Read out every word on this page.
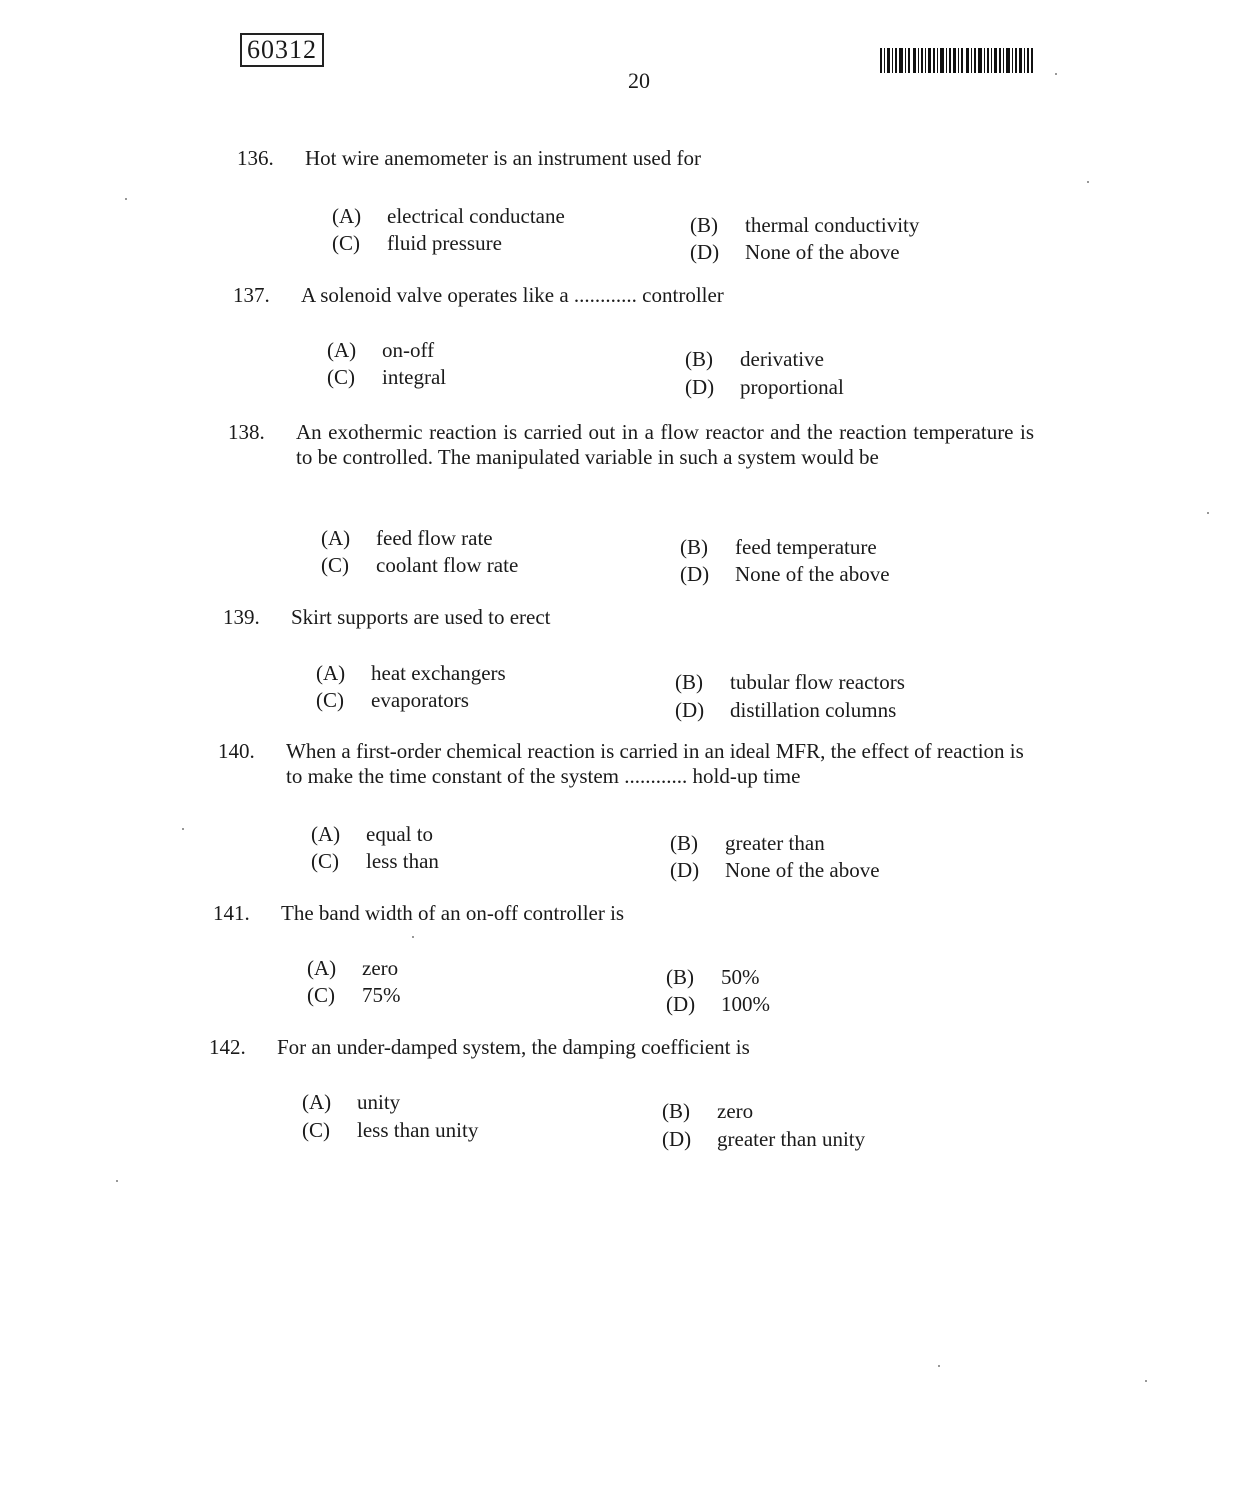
60312
20
136. Hot wire anemometer is an instrument used for
(A) electrical conductane	(B) thermal conductivity
(C) fluid pressure	(D) None of the above
137. A solenoid valve operates like a ............ controller
(A) on-off	(B) derivative
(C) integral	(D) proportional
138. An exothermic reaction is carried out in a flow reactor and the reaction temperature is to be controlled. The manipulated variable in such a system would be
(A) feed flow rate	(B) feed temperature
(C) coolant flow rate	(D) None of the above
139. Skirt supports are used to erect
(A) heat exchangers	(B) tubular flow reactors
(C) evaporators	(D) distillation columns
140. When a first-order chemical reaction is carried in an ideal MFR, the effect of reaction is to make the time constant of the system ............ hold-up time
(A) equal to	(B) greater than
(C) less than	(D) None of the above
141. The band width of an on-off controller is
(A) zero	(B) 50%
(C) 75%	(D) 100%
142. For an under-damped system, the damping coefficient is
(A) unity	(B) zero
(C) less than unity	(D) greater than unity
